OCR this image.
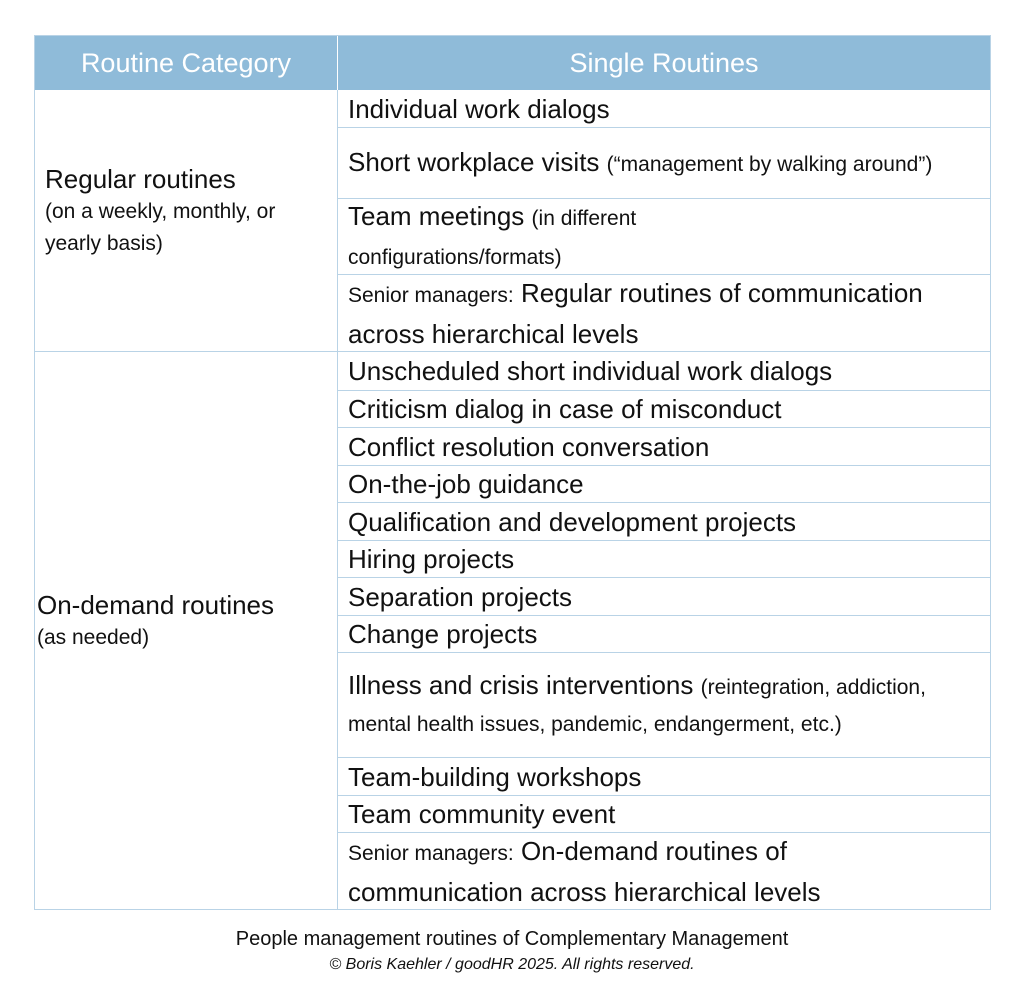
Routine Category	Single Routines
Regular routines
(on a weekly, monthly, or yearly basis)
Individual work dialogs
Short workplace visits (“management by walking around”)
Team meetings (in different configurations/formats)
Senior managers: Regular routines of communication across hierarchical levels
On-demand routines
(as needed)
Unscheduled short individual work dialogs
Criticism dialog in case of misconduct
Conflict resolution conversation
On-the-job guidance
Qualification and development projects
Hiring projects
Separation projects
Change projects
Illness and crisis interventions (reintegration, addiction, mental health issues, pandemic, endangerment, etc.)
Team-building workshops
Team community event
Senior managers: On-demand routines of communication across hierarchical levels
People management routines of Complementary Management
© Boris Kaehler / goodHR 2025. All rights reserved.
